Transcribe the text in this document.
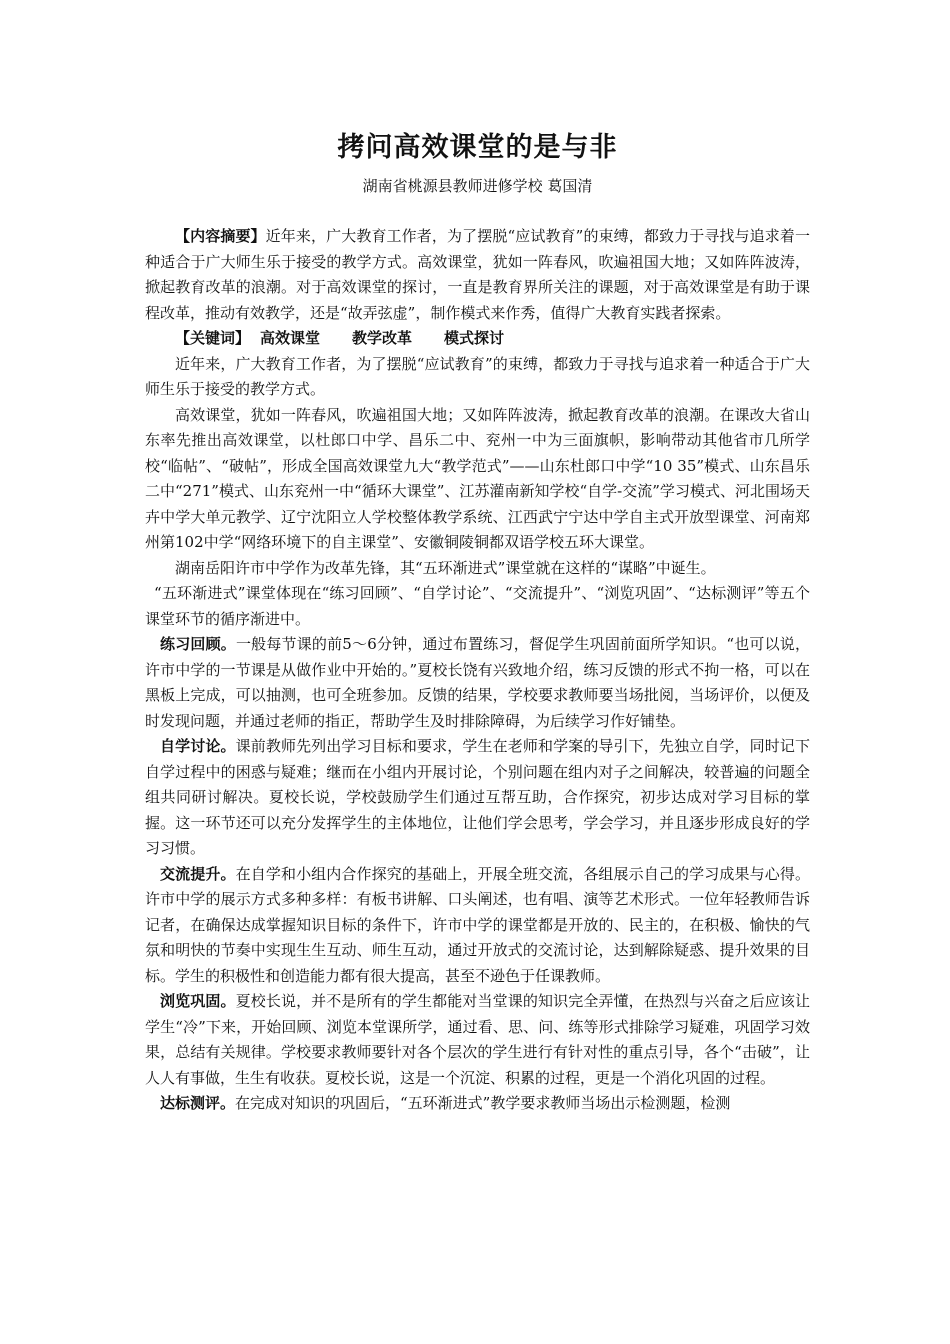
拷问高效课堂的是与非
湖南省桃源县教师进修学校 葛国清

【内容摘要】近年来，广大教育工作者，为了摆脱“应试教育”的束缚，都致力于寻找与追求着一种适合于广大师生乐于接受的教学方式。高效课堂，犹如一阵春风，吹遍祖国大地；又如阵阵波涛，掀起教育改革的浪潮。对于高效课堂的探讨，一直是教育界所关注的课题，对于高效课堂是有助于课程改革，推动有效教学，还是“故弄弦虚”，制作模式来作秀，值得广大教育实践者探索。

【关键词】 高效课堂 教学改革 模式探讨

近年来，广大教育工作者，为了摆脱“应试教育”的束缚，都致力于寻找与追求着一种适合于广大师生乐于接受的教学方式。

高效课堂，犹如一阵春风，吹遍祖国大地；又如阵阵波涛，掀起教育改革的浪潮。在课改大省山东率先推出高效课堂，以杜郎口中学、昌乐二中、兖州一中为三面旗帜，影响带动其他省市几所学校“临帖”、“破帖”，形成全国高效课堂九大“教学范式”——山东杜郎口中学“10 35”模式、山东昌乐二中“271”模式、山东兖州一中“循环大课堂”、江苏灌南新知学校“自学-交流”学习模式、河北围场天卉中学大单元教学、辽宁沈阳立人学校整体教学系统、江西武宁宁达中学自主式开放型课堂、河南郑州第102中学“网络环境下的自主课堂”、安徽铜陵铜都双语学校五环大课堂。

湖南岳阳许市中学作为改革先锋，其“五环渐进式”课堂就在这样的“谋略”中诞生。

“五环渐进式”课堂体现在“练习回顾”、“自学讨论”、“交流提升”、“浏览巩固”、“达标测评”等五个课堂环节的循序渐进中。

练习回顾。一般每节课的前5～6分钟，通过布置练习，督促学生巩固前面所学知识。“也可以说，许市中学的一节课是从做作业中开始的。”夏校长饶有兴致地介绍，练习反馈的形式不拘一格，可以在黑板上完成，可以抽测，也可全班参加。反馈的结果，学校要求教师要当场批阅，当场评价，以便及时发现问题，并通过老师的指正，帮助学生及时排除障碍，为后续学习作好铺垫。

自学讨论。课前教师先列出学习目标和要求，学生在老师和学案的导引下，先独立自学，同时记下自学过程中的困惑与疑难；继而在小组内开展讨论，个别问题在组内对子之间解决，较普遍的问题全组共同研讨解决。夏校长说，学校鼓励学生们通过互帮互助，合作探究，初步达成对学习目标的掌握。这一环节还可以充分发挥学生的主体地位，让他们学会思考，学会学习，并且逐步形成良好的学习习惯。

交流提升。在自学和小组内合作探究的基础上，开展全班交流，各组展示自己的学习成果与心得。许市中学的展示方式多种多样：有板书讲解、口头阐述，也有唱、演等艺术形式。一位年轻教师告诉记者，在确保达成掌握知识目标的条件下，许市中学的课堂都是开放的、民主的，在积极、愉快的气氛和明快的节奏中实现生生互动、师生互动，通过开放式的交流讨论，达到解除疑惑、提升效果的目标。学生的积极性和创造能力都有很大提高，甚至不逊色于任课教师。

浏览巩固。夏校长说，并不是所有的学生都能对当堂课的知识完全弄懂，在热烈与兴奋之后应该让学生“冷”下来，开始回顾、浏览本堂课所学，通过看、思、问、练等形式排除学习疑难，巩固学习效果，总结有关规律。学校要求教师要针对各个层次的学生进行有针对性的重点引导，各个“击破”，让人人有事做，生生有收获。夏校长说，这是一个沉淀、积累的过程，更是一个消化巩固的过程。

达标测评。在完成对知识的巩固后，“五环渐进式”教学要求教师当场出示检测题，检测
